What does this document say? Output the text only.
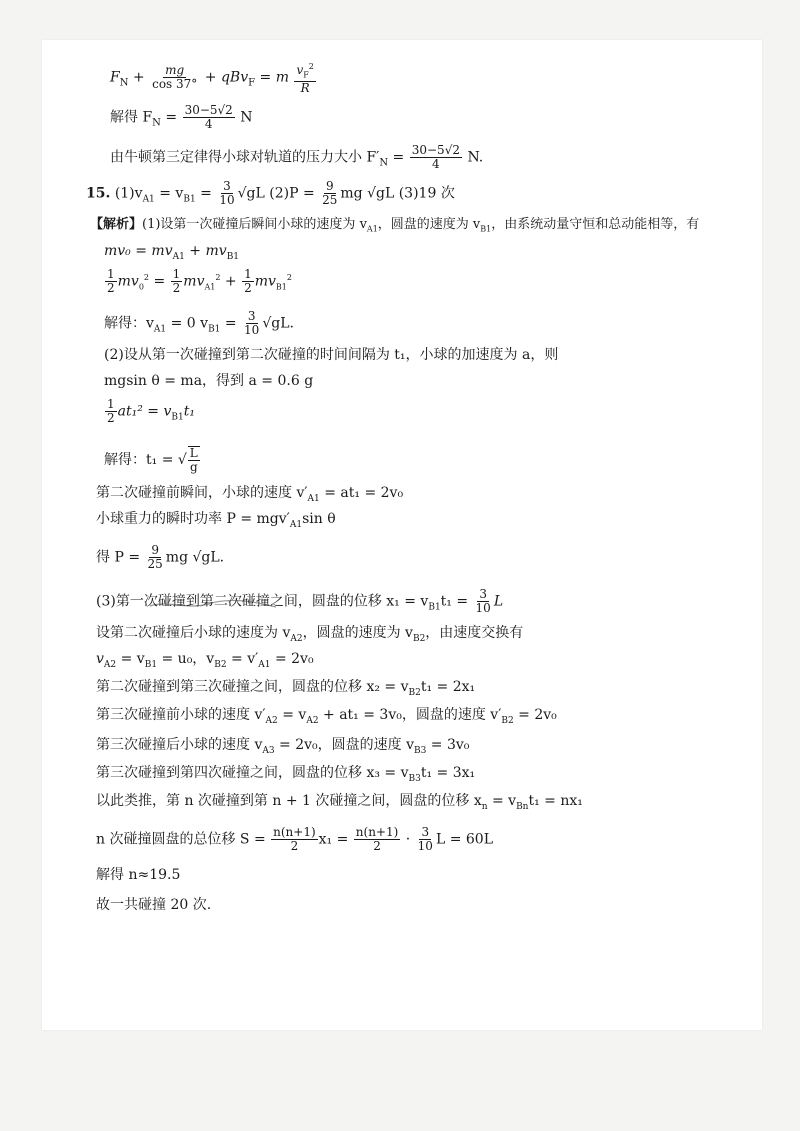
$F_N + \frac{mg}{\cos 37^\circ} + qBv_F = m \frac{v_F^2}{R}$
解得 $F_N = \frac{30-5√2}{4}$ N
由牛顿第三定律得小球对轨道的压力大小 $F'_N = \frac{30-5√2}{4} N$.
15. $(1)v_{A1} = v_{B1} = \frac{3}{10} √gL$ $(2)P = \frac{9}{25}$ mg √gL (3)19 次
【解析】(1)设第一次碰撞后瞬间小球的速度为 $v_{A1}$，圆盘的速度为 $v_{B1}$，由系统动量守恒和总动能相等，有
$mv_0 = mv_{A1} + mv_{B1}$
$\frac{1}{2} mv_0^2 = \frac{1}{2} mv_{A1}^2 + \frac{1}{2} mv_{B1}^2$
解得：$v_{A1} = 0$ $v_{B1} = \frac{3}{10} √gL$.
(2)设从第一次碰撞到第二次碰撞的时间间隔为 t₁，小球的加速度为 a，则
mgsin θ = ma，得到 a = 0.6 g
$\frac{1}{2} at_1^2 = v_{B1}t_1$
解得：t₁ = √ $\frac{L}{g}$
第二次碰撞前瞬间，小球的速度 $v'_{A1} = at_1 = 2v_0$
小球重力的瞬时功率 $P = mgv'_{A1}\sin$ θ
得 $P = \frac{9}{25}$ mg √gL.
(3)第一次碰撞到第二次碰撞之间，圆盘的位移 $x_1 = v_{B1}t_1 = \frac{3}{10}$ L
设第二次碰撞后小球的速度为 $v_{A2}$，圆盘的速度为 $v_{B2}$，由速度交换有
$v_{A2} = v_{B1} = u_0$，$v_{B2} = v'_{A1} = 2v_0$
第二次碰撞到第三次碰撞之间，圆盘的位移 $x_2 = v_{B2}t_1 = 2x_1$
第三次碰撞前小球的速度 $v'_{A2} = v_{A2} + at_1 = 3v_0$，圆盘的速度 $v'_{B2} = 2v_0$
第三次碰撞后小球的速度 $v_{A3} = 2v_0$，圆盘的速度 $v_{B3} = 3v_0$
第三次碰撞到第四次碰撞之间，圆盘的位移 $x_3 = v_{B3}t_1 = 3x_1$
以此类推，第 n 次碰撞到第 n + 1 次碰撞之间，圆盘的位移 $x_n = v_{Bn}t_1 = nx_1$
n 次碰撞圆盘的总位移 $S = \frac{n(n+1)}{2} x_1 = \frac{n(n+1)}{2} \cdot \frac{3}{10}$ L = 60L
解得 n≈19.5
故一共碰撞 20 次.
